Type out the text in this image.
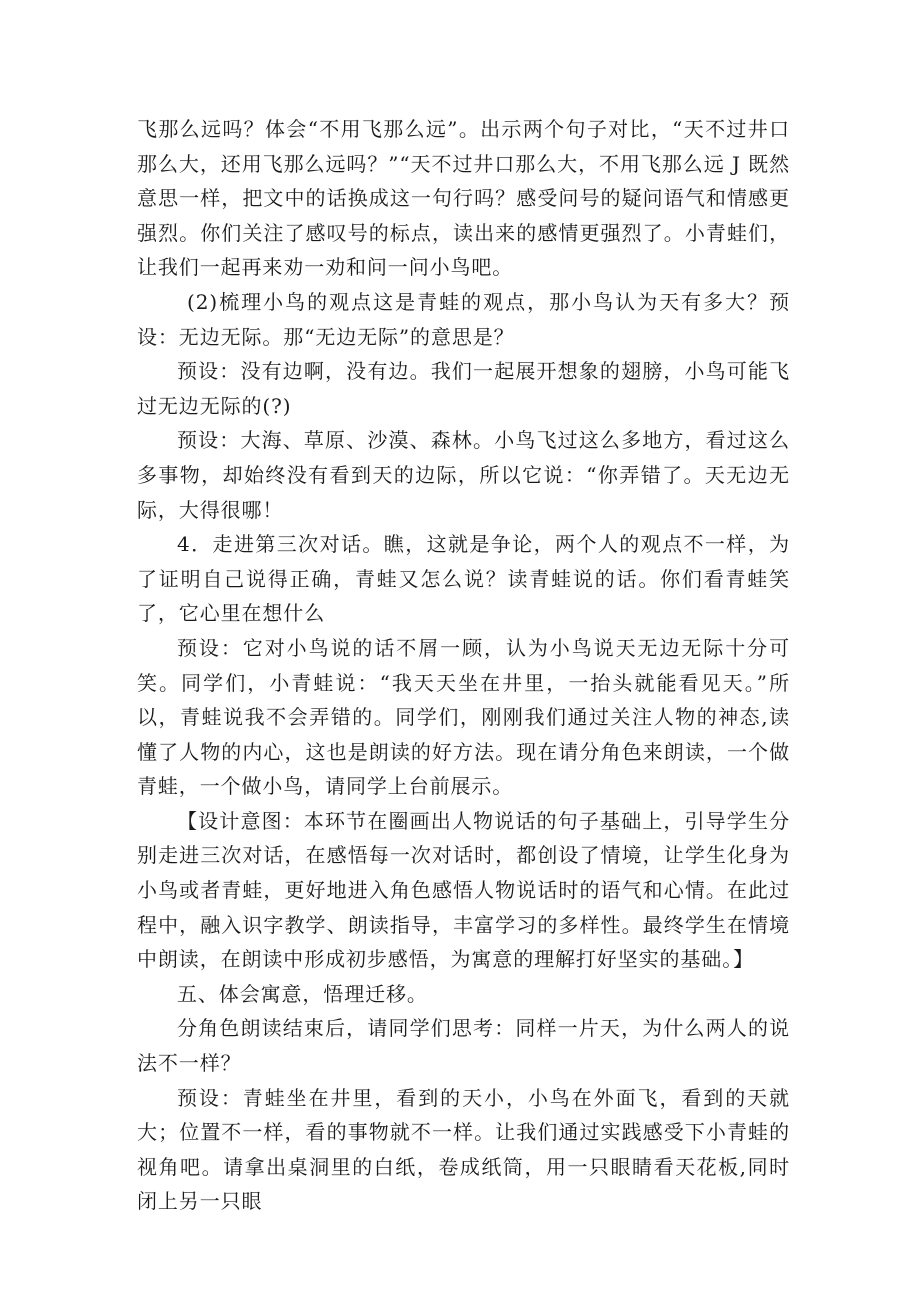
飞那么远吗？体会“不用飞那么远”。出示两个句子对比，“天不过井口那么大，还用飞那么远吗？”“天不过井口那么大，不用飞那么远 J 既然意思一样，把文中的话换成这一句行吗？感受问号的疑问语气和情感更强烈。你们关注了感叹号的标点，读出来的感情更强烈了。小青蛙们，让我们一起再来劝一劝和问一问小鸟吧。

(2)梳理小鸟的观点这是青蛙的观点，那小鸟认为天有多大？预设：无边无际。那“无边无际”的意思是？

预设：没有边啊，没有边。我们一起展开想象的翅膀，小鸟可能飞过无边无际的(?)

预设：大海、草原、沙漠、森林。小鸟飞过这么多地方，看过这么多事物，却始终没有看到天的边际，所以它说：“你弄错了。天无边无际，大得很哪！

4．走进第三次对话。瞧，这就是争论，两个人的观点不一样，为了证明自己说得正确，青蛙又怎么说？读青蛙说的话。你们看青蛙笑了，它心里在想什么

预设：它对小鸟说的话不屑一顾，认为小鸟说天无边无际十分可笑。同学们，小青蛙说：“我天天坐在井里，一抬头就能看见天。”所以，青蛙说我不会弄错的。同学们，刚刚我们通过关注人物的神态,读懂了人物的内心，这也是朗读的好方法。现在请分角色来朗读，一个做青蛙，一个做小鸟，请同学上台前展示。

【设计意图：本环节在圈画出人物说话的句子基础上，引导学生分别走进三次对话，在感悟每一次对话时，都创设了情境，让学生化身为小鸟或者青蛙，更好地进入角色感悟人物说话时的语气和心情。在此过程中，融入识字教学、朗读指导，丰富学习的多样性。最终学生在情境中朗读，在朗读中形成初步感悟，为寓意的理解打好坚实的基础。】

五、体会寓意，悟理迁移。

分角色朗读结束后，请同学们思考：同样一片天，为什么两人的说法不一样？

预设：青蛙坐在井里，看到的天小，小鸟在外面飞，看到的天就大；位置不一样，看的事物就不一样。让我们通过实践感受下小青蛙的视角吧。请拿出桌洞里的白纸，卷成纸筒，用一只眼睛看天花板,同时闭上另一只眼
